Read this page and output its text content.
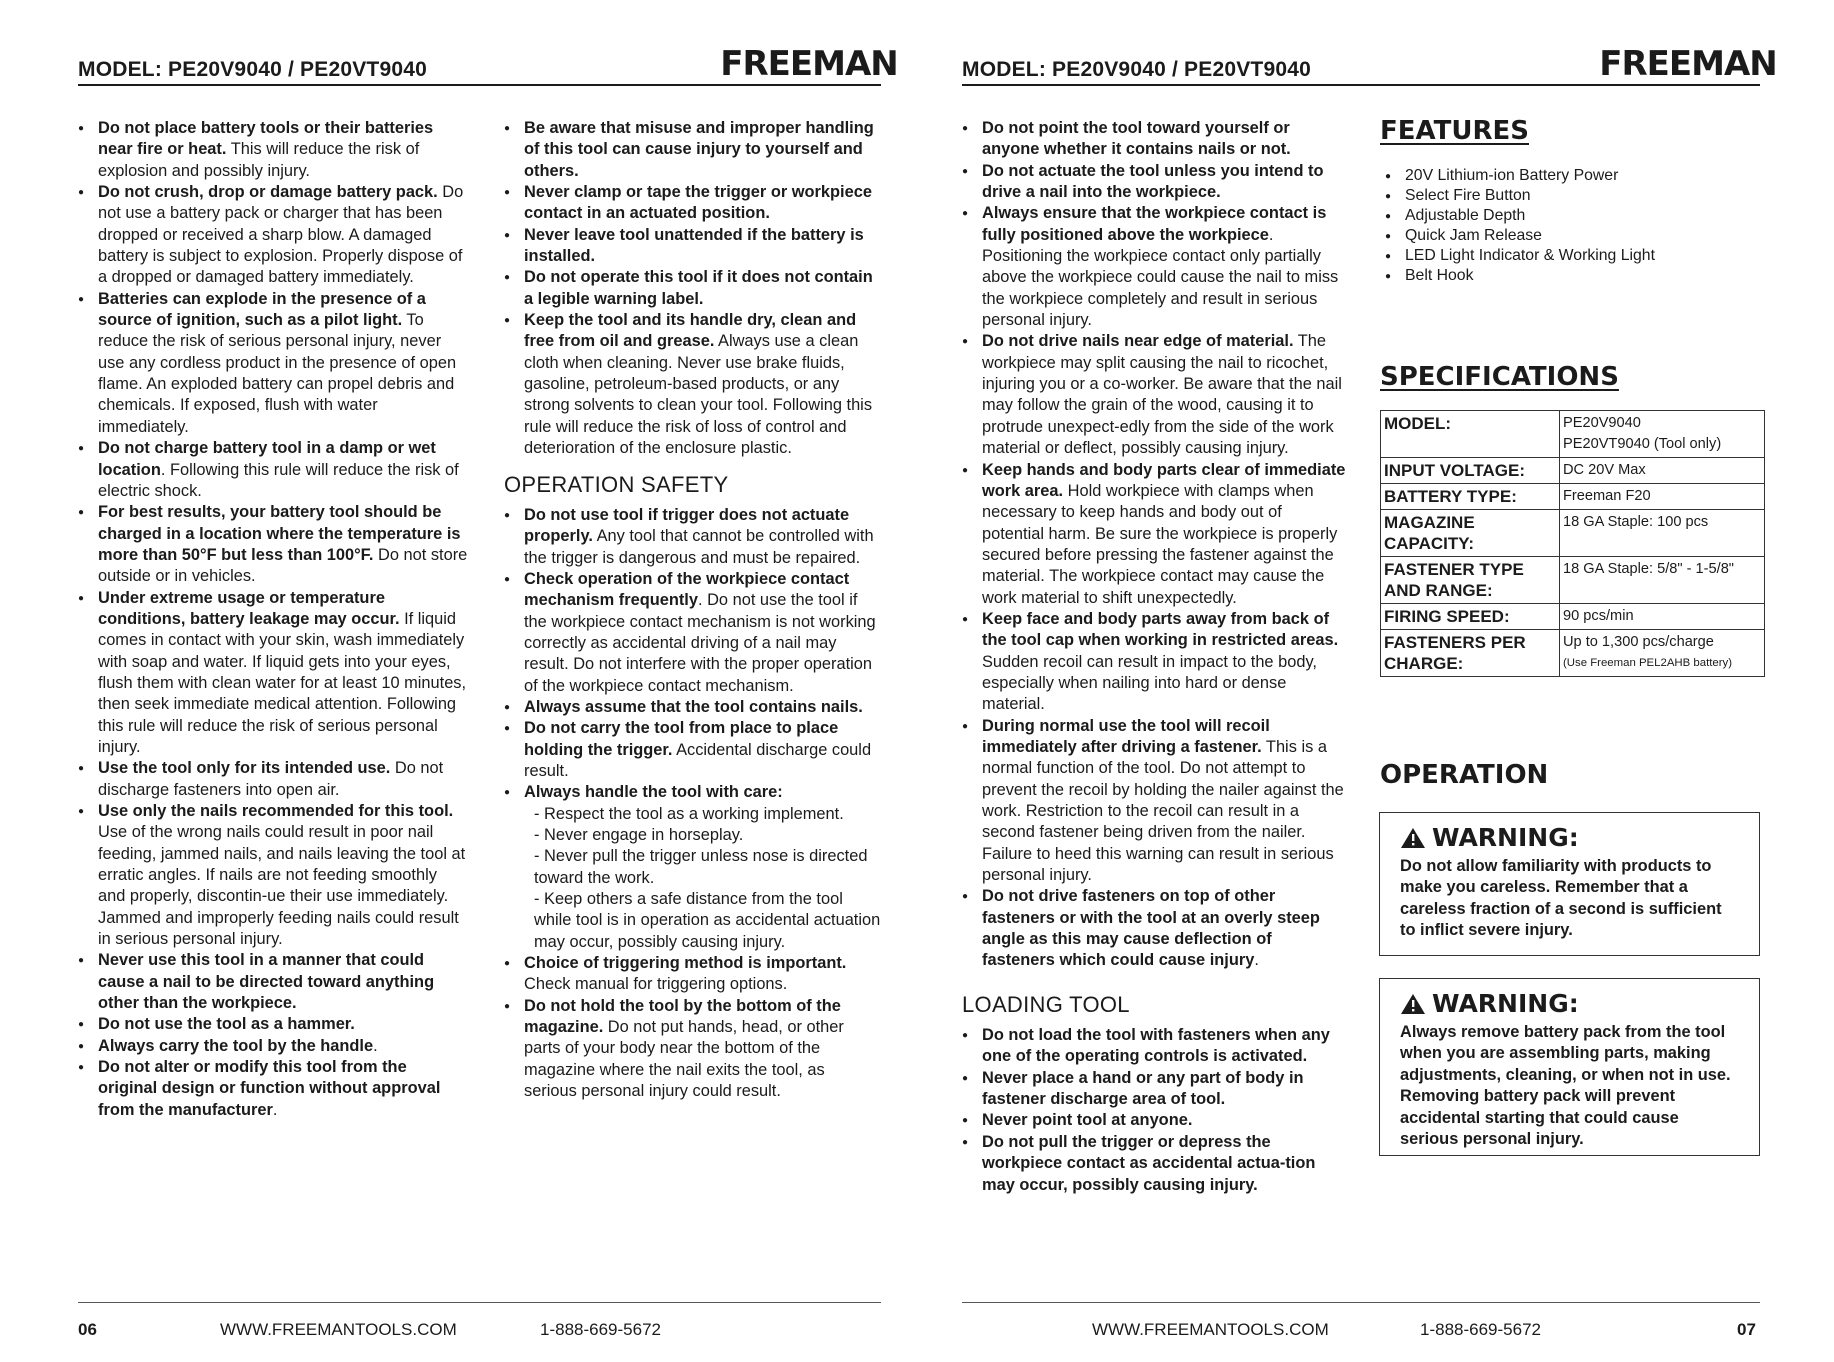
MODEL: PE20V9040 / PE20VT9040	FREEMAN
● Do not place battery tools or their batteries near fire or heat. This will reduce the risk of explosion and possibly injury.
● Do not crush, drop or damage battery pack. Do not use a battery pack or charger that has been dropped or received a sharp blow. A damaged battery is subject to explosion. Properly dispose of a dropped or damaged battery immediately.
● Batteries can explode in the presence of a source of ignition, such as a pilot light. To reduce the risk of serious personal injury, never use any cordless product in the presence of open flame. An exploded battery can propel debris and chemicals. If exposed, flush with water immediately.
● Do not charge battery tool in a damp or wet location. Following this rule will reduce the risk of electric shock.
● For best results, your battery tool should be charged in a location where the temperature is more than 50°F but less than 100°F. Do not store outside or in vehicles.
● Under extreme usage or temperature conditions, battery leakage may occur. If liquid comes in contact with your skin, wash immediately with soap and water. If liquid gets into your eyes, flush them with clean water for at least 10 minutes, then seek immediate medical attention. Following this rule will reduce the risk of serious personal injury.
● Use the tool only for its intended use. Do not discharge fasteners into open air.
● Use only the nails recommended for this tool. Use of the wrong nails could result in poor nail feeding, jammed nails, and nails leaving the tool at erratic angles. If nails are not feeding smoothly and properly, discontin-ue their use immediately. Jammed and improperly feeding nails could result in serious personal injury.
● Never use this tool in a manner that could cause a nail to be directed toward anything other than the workpiece.
● Do not use the tool as a hammer.
● Always carry the tool by the handle.
● Do not alter or modify this tool from the original design or function without approval from the manufacturer.
● Be aware that misuse and improper handling of this tool can cause injury to yourself and others.
● Never clamp or tape the trigger or workpiece contact in an actuated position.
● Never leave tool unattended if the battery is installed.
● Do not operate this tool if it does not contain a legible warning label.
● Keep the tool and its handle dry, clean and free from oil and grease. Always use a clean cloth when cleaning. Never use brake fluids, gasoline, petroleum-based products, or any strong solvents to clean your tool. Following this rule will reduce the risk of loss of control and deterioration of the enclosure plastic.
OPERATION SAFETY
● Do not use tool if trigger does not actuate properly. Any tool that cannot be controlled with the trigger is dangerous and must be repaired.
● Check operation of the workpiece contact mechanism frequently. Do not use the tool if the workpiece contact mechanism is not working correctly as accidental driving of a nail may result. Do not interfere with the proper operation of the workpiece contact mechanism.
● Always assume that the tool contains nails.
● Do not carry the tool from place to place holding the trigger. Accidental discharge could result.
● Always handle the tool with care:
- Respect the tool as a working implement.
- Never engage in horseplay.
- Never pull the trigger unless nose is directed toward the work.
- Keep others a safe distance from the tool while tool is in operation as accidental actuation may occur, possibly causing injury.
● Choice of triggering method is important. Check manual for triggering options.
● Do not hold the tool by the bottom of the magazine. Do not put hands, head, or other parts of your body near the bottom of the magazine where the nail exits the tool, as serious personal injury could result.
06	WWW.FREEMANTOOLS.COM	1-888-669-5672
MODEL: PE20V9040 / PE20VT9040	FREEMAN
● Do not point the tool toward yourself or anyone whether it contains nails or not.
● Do not actuate the tool unless you intend to drive a nail into the workpiece.
● Always ensure that the workpiece contact is fully positioned above the workpiece. Positioning the workpiece contact only partially above the workpiece could cause the nail to miss the workpiece completely and result in serious personal injury.
● Do not drive nails near edge of material. The workpiece may split causing the nail to ricochet, injuring you or a co-worker. Be aware that the nail may follow the grain of the wood, causing it to protrude unexpect-edly from the side of the work material or deflect, possibly causing injury.
● Keep hands and body parts clear of immediate work area. Hold workpiece with clamps when necessary to keep hands and body out of potential harm. Be sure the workpiece is properly secured before pressing the fastener against the material. The workpiece contact may cause the work material to shift unexpectedly.
● Keep face and body parts away from back of the tool cap when working in restricted areas. Sudden recoil can result in impact to the body, especially when nailing into hard or dense material.
● During normal use the tool will recoil immediately after driving a fastener. This is a normal function of the tool. Do not attempt to prevent the recoil by holding the nailer against the work. Restriction to the recoil can result in a second fastener being driven from the nailer. Failure to heed this warning can result in serious personal injury.
● Do not drive fasteners on top of other fasteners or with the tool at an overly steep angle as this may cause deflection of fasteners which could cause injury.
LOADING TOOL
● Do not load the tool with fasteners when any one of the operating controls is activated.
● Never place a hand or any part of body in fastener discharge area of tool.
● Never point tool at anyone.
● Do not pull the trigger or depress the workpiece contact as accidental actua-tion may occur, possibly causing injury.
FEATURES
● 20V Lithium-ion Battery Power
● Select Fire Button
● Adjustable Depth
● Quick Jam Release
● LED Light Indicator & Working Light
● Belt Hook
SPECIFICATIONS
MODEL:	PE20V9040
PE20VT9040 (Tool only)

INPUT VOLTAGE:	DC 20V Max

BATTERY TYPE:	Freeman F20

MAGAZINE CAPACITY:	18 GA Staple: 100 pcs

FASTENER TYPE AND RANGE:	18 GA Staple: 5/8" - 1-5/8"

FIRING SPEED:	90 pcs/min

FASTENERS PER CHARGE:	Up to 1,300 pcs/charge
(Use Freeman PEL2AHB battery)
OPERATION
WARNING:
Do not allow familiarity with products to make you careless. Remember that a careless fraction of a second is sufficient to inflict severe injury.
WARNING:
Always remove battery pack from the tool when you are assembling parts, making adjustments, cleaning, or when not in use. Removing battery pack will prevent accidental starting that could cause serious personal injury.
WWW.FREEMANTOOLS.COM	1-888-669-5672	07
